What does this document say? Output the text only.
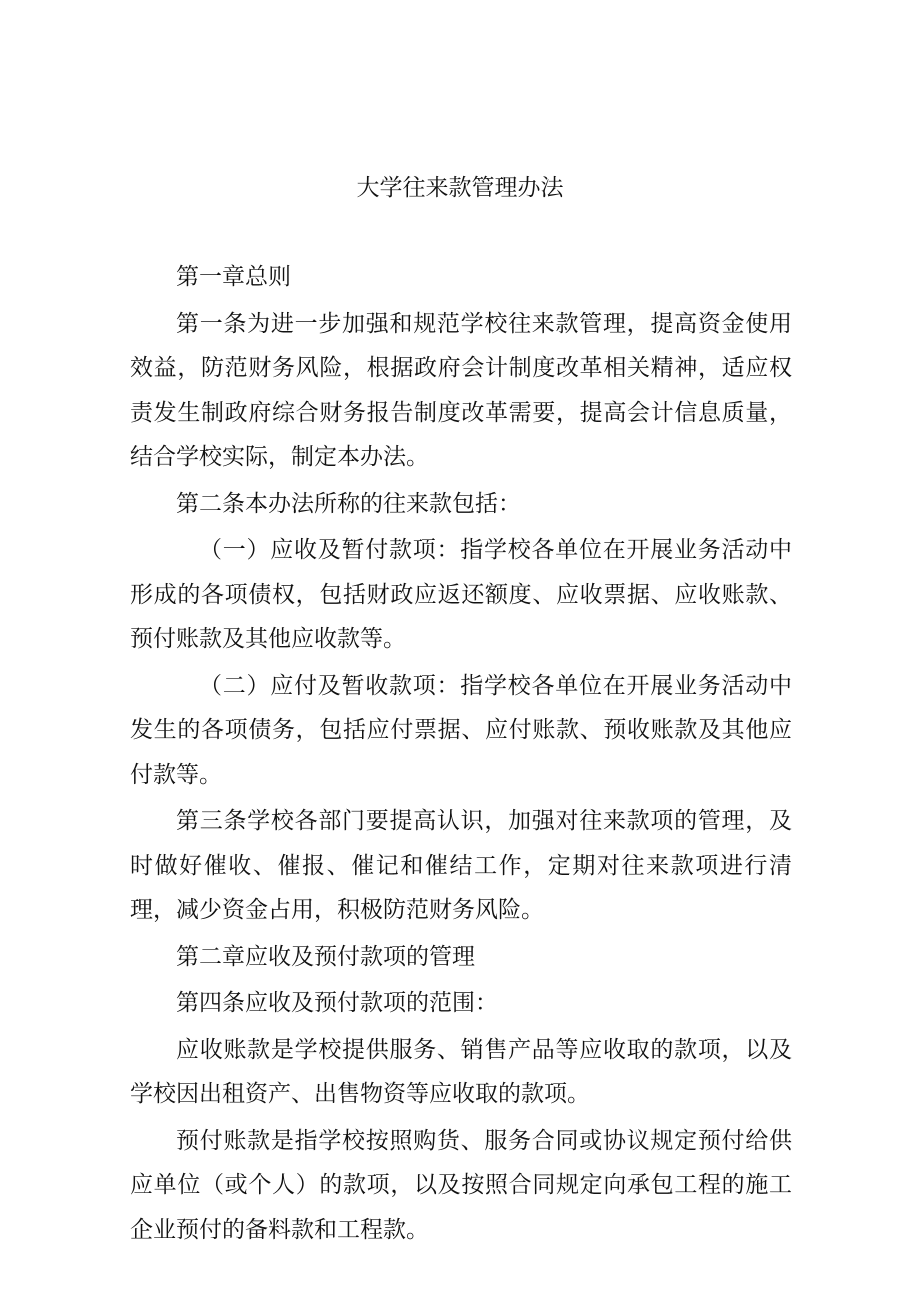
大学往来款管理办法

第一章总则

第一条为进一步加强和规范学校往来款管理，提高资金使用效益，防范财务风险，根据政府会计制度改革相关精神，适应权责发生制政府综合财务报告制度改革需要，提高会计信息质量，结合学校实际，制定本办法。

第二条本办法所称的往来款包括：

（一）应收及暂付款项：指学校各单位在开展业务活动中形成的各项债权，包括财政应返还额度、应收票据、应收账款、预付账款及其他应收款等。

（二）应付及暂收款项：指学校各单位在开展业务活动中发生的各项债务，包括应付票据、应付账款、预收账款及其他应付款等。

第三条学校各部门要提高认识，加强对往来款项的管理，及时做好催收、催报、催记和催结工作，定期对往来款项进行清理，减少资金占用，积极防范财务风险。

第二章应收及预付款项的管理

第四条应收及预付款项的范围：

应收账款是学校提供服务、销售产品等应收取的款项，以及学校因出租资产、出售物资等应收取的款项。

预付账款是指学校按照购货、服务合同或协议规定预付给供应单位（或个人）的款项，以及按照合同规定向承包工程的施工企业预付的备料款和工程款。
